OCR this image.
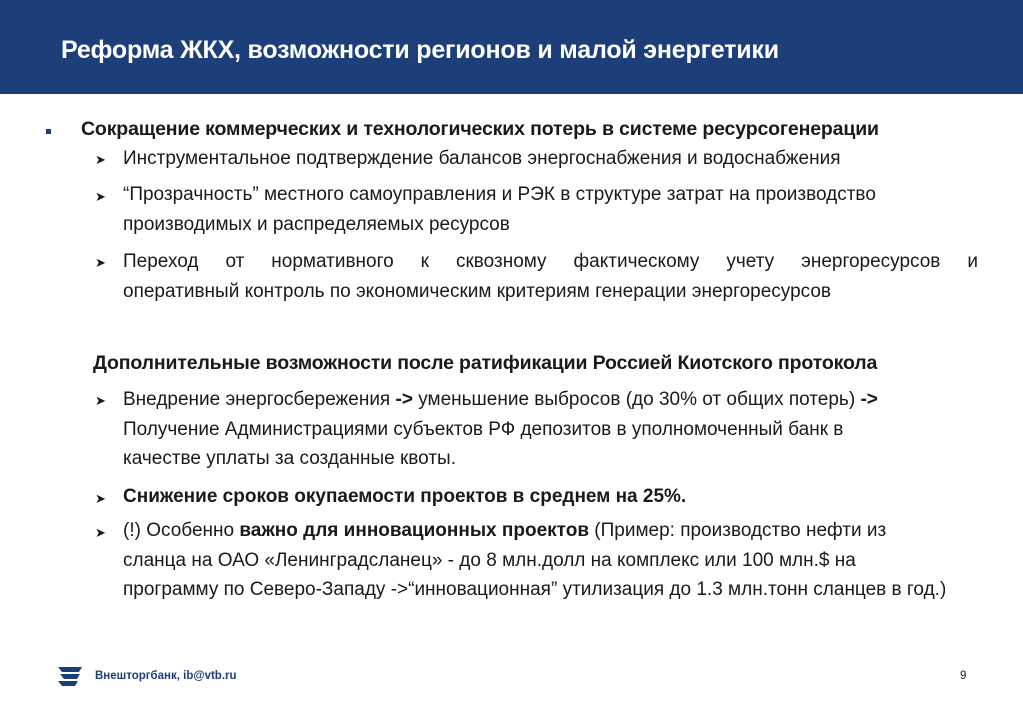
Реформа ЖКХ, возможности регионов и малой энергетики
Сокращение коммерческих и технологических потерь в системе ресурсогенерации
➤ Инструментальное подтверждение балансов энергоснабжения и водоснабжения
➤ “Прозрачность” местного самоуправления и РЭК в структуре затрат на производство
производимых и распределяемых ресурсов
➤ Переход от нормативного к сквозному фактическому учету энергоресурсов и
оперативный контроль по экономическим критериям генерации энергоресурсов
Дополнительные возможности после ратификации Россией Киотского протокола
➤ Внедрение энергосбережения -> уменьшение выбросов (до 30% от общих потерь) ->
Получение Администрациями субъектов РФ депозитов в уполномоченный банк в
качестве уплаты за созданные квоты.
➤ Снижение сроков окупаемости проектов в среднем на 25%.
➤ (!) Особенно важно для инновационных проектов (Пример: производство нефти из
сланца на ОАО «Ленинградсланец» - до 8 млн.долл на комплекс или 100 млн.$ на
программу по Северо-Западу ->“инновационная” утилизация до 1.3 млн.тонн сланцев в год.)
Внешторгбанк, ib@vtb.ru	9
